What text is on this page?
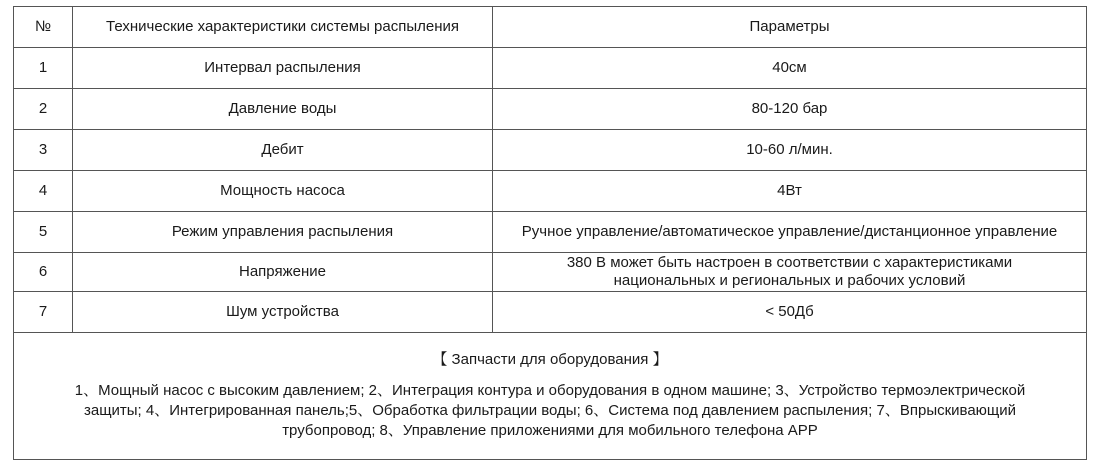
№	Технические характеристики системы распыления	Параметры
1	Интервал распыления	40см
2	Давление воды	80-120 бар
3	Дебит	10-60 л/мин.
4	Мощность насоса	4Вт
5	Режим управления распыления	Ручное управление/автоматическое управление/дистанционное управление
6	Напряжение	380 В может быть настроен в соответствии с характеристиками
национальных и региональных и рабочих условий

7	Шум устройства	< 50Дб

【 Запчасти для оборудования 】
1、Мощный насос с высоким давлением; 2、Интеграция контура и оборудования в одном машине; 3、Устройство термоэлектрической защиты; 4、Интегрированная панель;5、Обработка фильтрации воды; 6、Система под давлением распыления; 7、Впрыскивающий трубопровод; 8、Управление приложениями для мобильного телефона APP		
